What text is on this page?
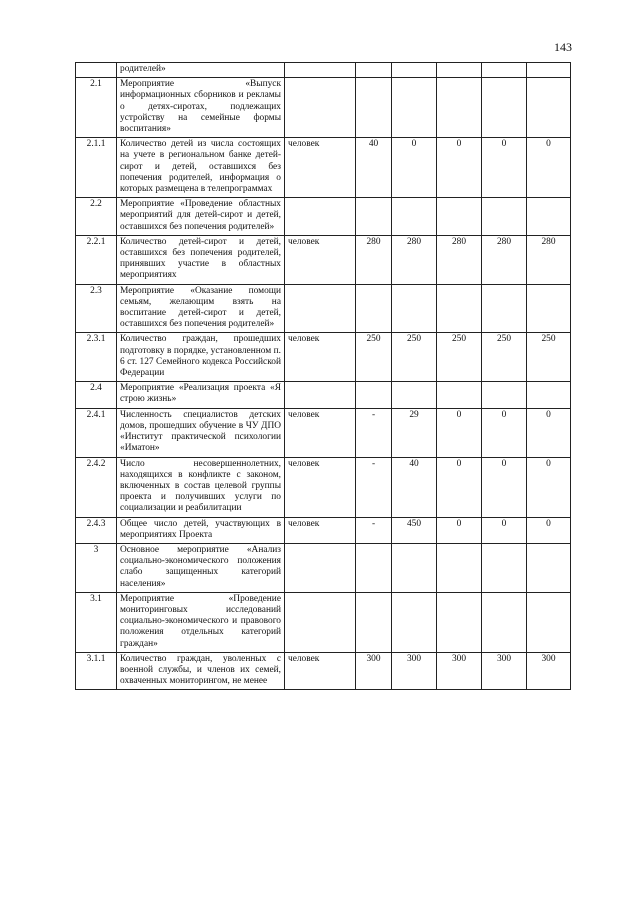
143
	родителей»						
2.1	Мероприятие «Выпуск информационных сборников и рекламы о детях-сиротах, подлежащих устройству на семейные формы воспитания»						
2.1.1	Количество детей из числа состоящих на учете в региональном банке детей-сирот и детей, оставшихся без попечения родителей, информация о которых размещена в телепрограммах	человек	40	0	0	0	0
2.2	Мероприятие «Проведение областных мероприятий для детей-сирот и детей, оставшихся без попечения родителей»						
2.2.1	Количество детей-сирот и детей, оставшихся без попечения родителей, принявших участие в областных мероприятиях	человек	280	280	280	280	280
2.3	Мероприятие «Оказание помощи семьям, желающим взять на воспитание детей-сирот и детей, оставшихся без попечения родителей»						
2.3.1	Количество граждан, прошедших подготовку в порядке, установленном п. 6 ст. 127 Семейного кодекса Российской Федерации	человек	250	250	250	250	250
2.4	Мероприятие «Реализация проекта «Я строю жизнь»						
2.4.1	Численность специалистов детских домов, прошедших обучение в ЧУ ДПО «Институт практической психологии «Иматон»	человек	-	29	0	0	0
2.4.2	Число несовершеннолетних, находящихся в конфликте с законом, включенных в состав целевой группы проекта и получивших услуги по социализации и реабилитации	человек	-	40	0	0	0
2.4.3	Общее число детей, участвующих в мероприятиях Проекта	человек	-	450	0	0	0
3	Основное мероприятие «Анализ социально-экономического положения слабо защищенных категорий населения»						
3.1	Мероприятие «Проведение мониторинговых исследований социально-экономического и правового положения отдельных категорий граждан»						
3.1.1	Количество граждан, уволенных с военной службы, и членов их семей, охваченных мониторингом, не менее	человек	300	300	300	300	300
